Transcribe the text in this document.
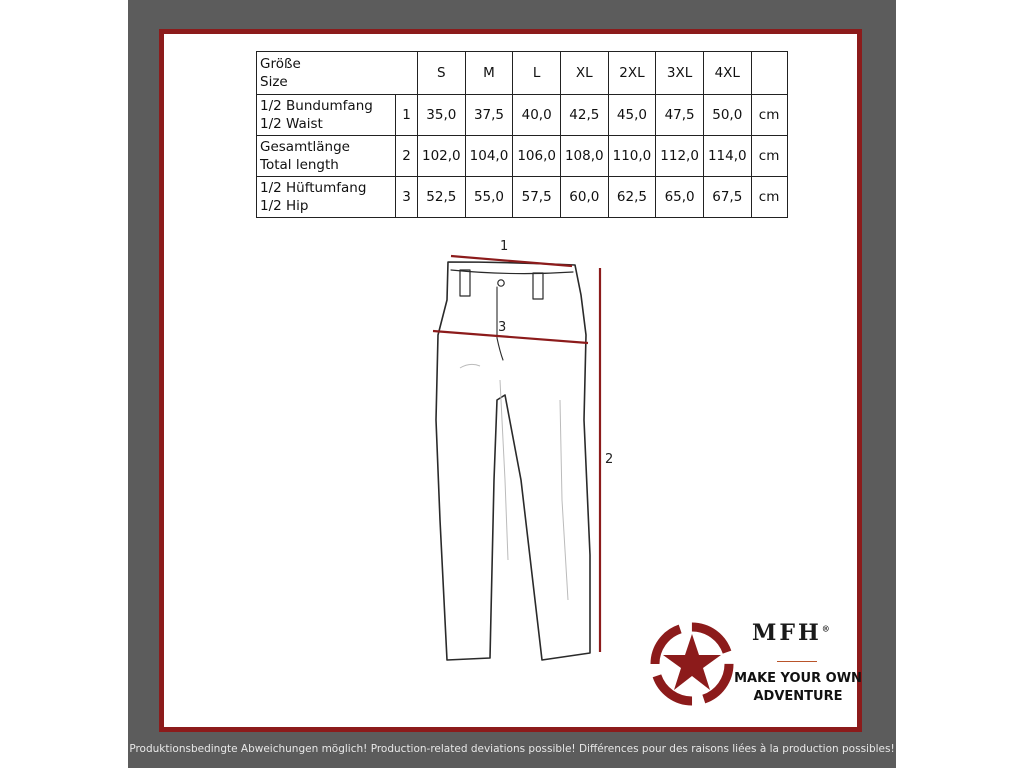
Größe
Size		S	M	L	XL	2XL	3XL	4XL	

1/2 Bundumfang
1/2 Waist	1	35,0	37,5	40,0	42,5	45,0	47,5	50,0	cm

Gesamtlänge
Total length	2	102,0	104,0	106,0	108,0	110,0	112,0	114,0	cm

1/2 Hüftumfang
1/2 Hip	3	52,5	55,0	57,5	60,0	62,5	65,0	67,5	cm
1
3
2
MFH®
MAKE YOUR OWN
ADVENTURE
Produktionsbedingte Abweichungen möglich! Production-related deviations possible! Différences pour des raisons liées à la production possibles!
